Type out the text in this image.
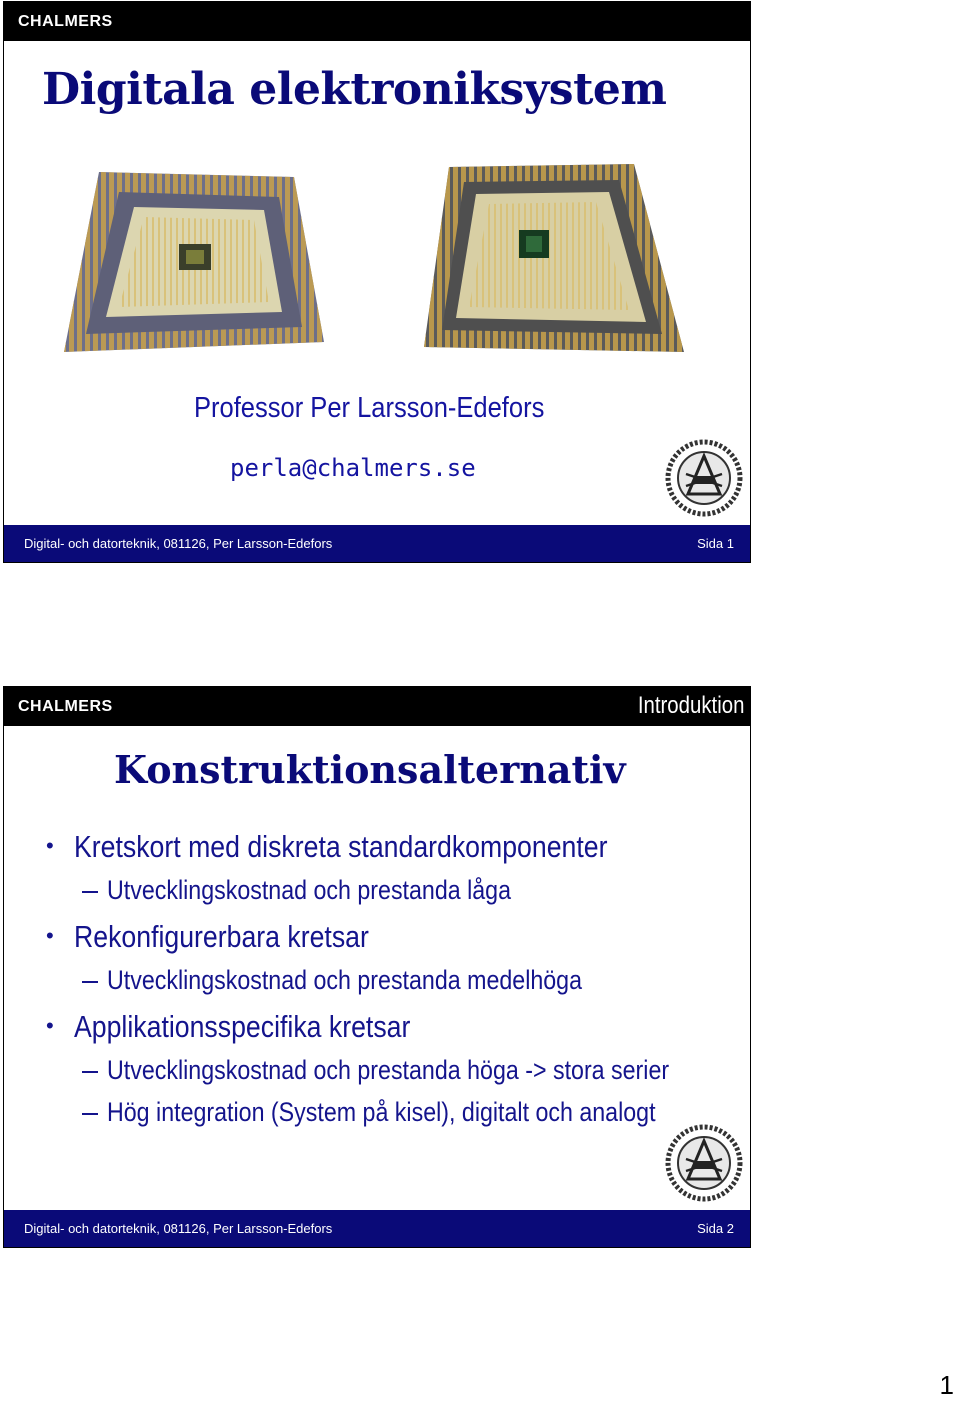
CHALMERS
Digitala elektroniksystem
Professor Per Larsson-Edefors
perla@chalmers.se
Digital- och datorteknik, 081126, Per Larsson-Edefors	Sida 1
CHALMERS	Introduktion
Konstruktionsalternativ
• Kretskort med diskreta standardkomponenter
Utvecklingskostnad och prestanda låga
• Rekonfigurerbara kretsar
Utvecklingskostnad och prestanda medelhöga
• Applikationsspecifika kretsar
Utvecklingskostnad och prestanda höga -> stora serier
Hög integration (System på kisel), digitalt och analogt
Digital- och datorteknik, 081126, Per Larsson-Edefors	Sida 2
1
